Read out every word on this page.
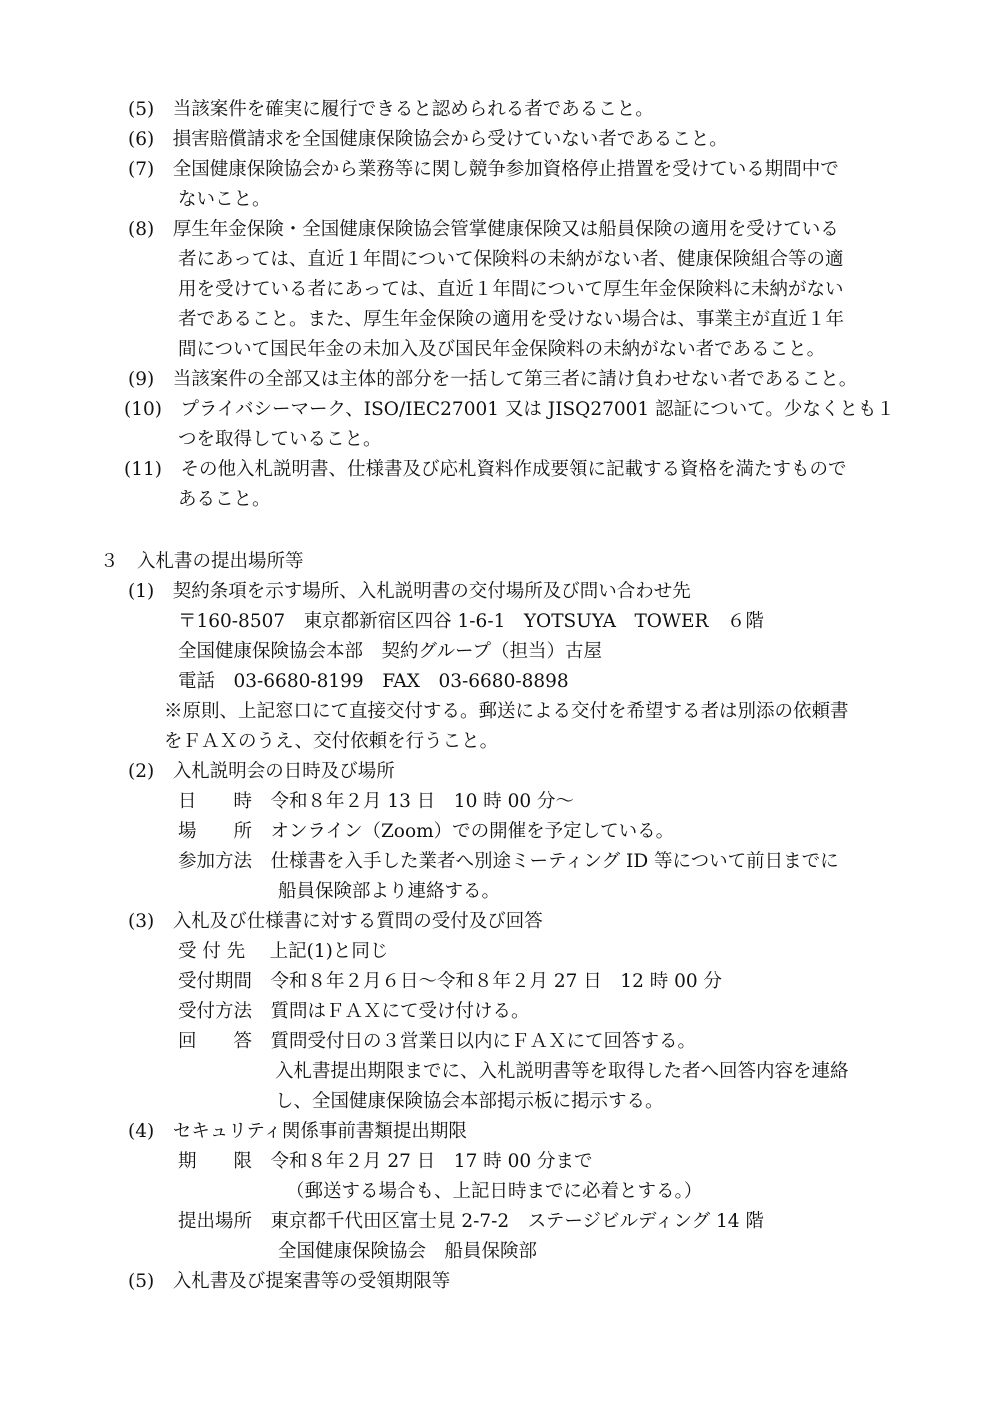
(5)　当該案件を確実に履行できると認められる者であること。
(6)　損害賠償請求を全国健康保険協会から受けていない者であること。
(7)　全国健康保険協会から業務等に関し競争参加資格停止措置を受けている期間中で
ないこと。
(8)　厚生年金保険・全国健康保険協会管掌健康保険又は船員保険の適用を受けている
者にあっては、直近１年間について保険料の未納がない者、健康保険組合等の適
用を受けている者にあっては、直近１年間について厚生年金保険料に未納がない
者であること。また、厚生年金保険の適用を受けない場合は、事業主が直近１年
間について国民年金の未加入及び国民年金保険料の未納がない者であること。
(9)　当該案件の全部又は主体的部分を一括して第三者に請け負わせない者であること。
(10)　プライバシーマーク、ISO/IEC27001 又は JISQ27001 認証について。少なくとも１
つを取得していること。
(11)　その他入札説明書、仕様書及び応札資料作成要領に記載する資格を満たすもので
あること。
３　入札書の提出場所等
(1)　契約条項を示す場所、入札説明書の交付場所及び問い合わせ先
〒160-8507　東京都新宿区四谷 1-6-1　YOTSUYA　TOWER　６階
全国健康保険協会本部　契約グループ（担当）古屋
電話　03-6680-8199　FAX　03-6680-8898
※原則、上記窓口にて直接交付する。郵送による交付を希望する者は別添の依頼書
をＦＡＸのうえ、交付依頼を行うこと。
(2)　入札説明会の日時及び場所
日　　時　令和８年２月 13 日　10 時 00 分～
場　　所　オンライン（Zoom）での開催を予定している。
参加方法　仕様書を入手した業者へ別途ミーティング ID 等について前日までに
船員保険部より連絡する。
(3)　入札及び仕様書に対する質問の受付及び回答
受 付 先　 上記(1)と同じ
受付期間　令和８年２月６日～令和８年２月 27 日　12 時 00 分
受付方法　質問はＦＡＸにて受け付ける。
回　　答　質問受付日の３営業日以内にＦＡＸにて回答する。
入札書提出期限までに、入札説明書等を取得した者へ回答内容を連絡
し、全国健康保険協会本部掲示板に掲示する。
(4)　セキュリティ関係事前書類提出期限
期　　限　令和８年２月 27 日　17 時 00 分まで
（郵送する場合も、上記日時までに必着とする。）
提出場所　東京都千代田区富士見 2-7-2　ステージビルディング 14 階
全国健康保険協会　船員保険部
(5)　入札書及び提案書等の受領期限等
